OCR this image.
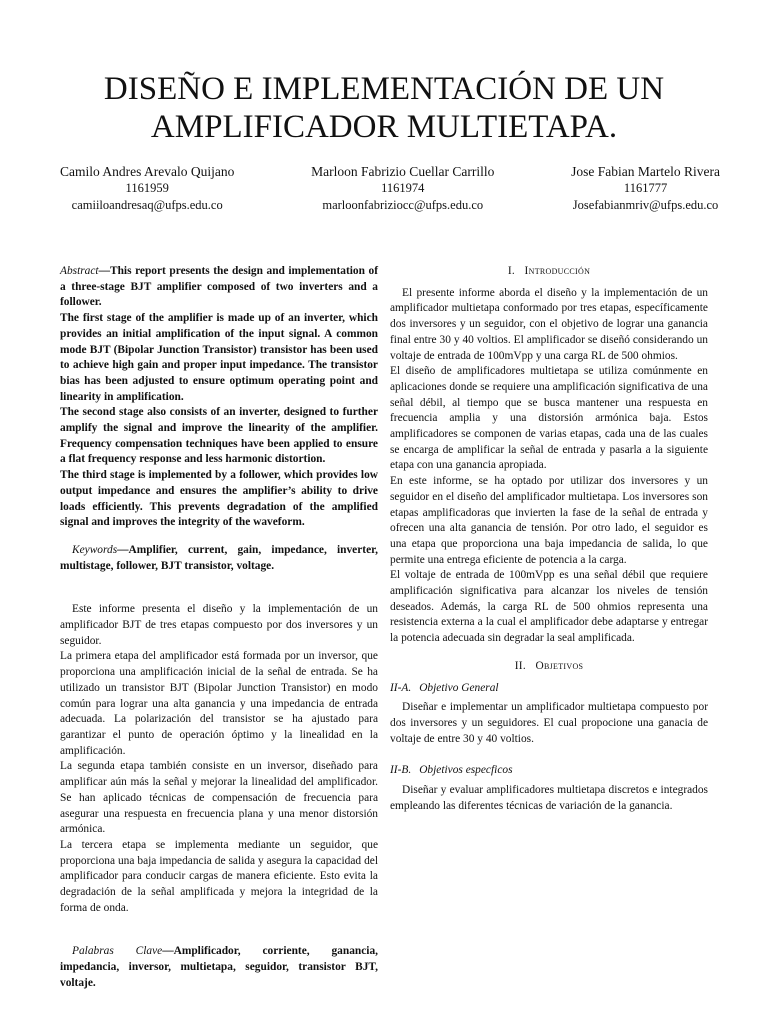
DISEÑO E IMPLEMENTACIÓN DE UN AMPLIFICADOR MULTIETAPA.
Camilo Andres Arevalo Quijano
1161959
camiiloandresaq@ufps.edu.co
Marloon Fabrizio Cuellar Carrillo
1161974
marloonfabriziocc@ufps.edu.co
Jose Fabian Martelo Rivera
1161777
Josefabianmriv@ufps.edu.co

Abstract—This report presents the design and implementation of a three-stage BJT amplifier composed of two inverters and a follower.

The first stage of the amplifier is made up of an inverter, which provides an initial amplification of the input signal. A common mode BJT (Bipolar Junction Transistor) transistor has been used to achieve high gain and proper input impedance. The transistor bias has been adjusted to ensure optimum operating point and linearity in amplification.

The second stage also consists of an inverter, designed to further amplify the signal and improve the linearity of the amplifier. Frequency compensation techniques have been applied to ensure a flat frequency response and less harmonic distortion.

The third stage is implemented by a follower, which provides low output impedance and ensures the amplifier’s ability to drive loads efficiently. This prevents degradation of the amplified signal and improves the integrity of the waveform.

Keywords—Amplifier, current, gain, impedance, inverter, multistage, follower, BJT transistor, voltage.

Este informe presenta el diseño y la implementación de un amplificador BJT de tres etapas compuesto por dos inversores y un seguidor.

La primera etapa del amplificador está formada por un inversor, que proporciona una amplificación inicial de la señal de entrada. Se ha utilizado un transistor BJT (Bipolar Junction Transistor) en modo común para lograr una alta ganancia y una impedancia de entrada adecuada. La polarización del transistor se ha ajustado para garantizar el punto de operación óptimo y la linealidad en la amplificación.

La segunda etapa también consiste en un inversor, diseñado para amplificar aún más la señal y mejorar la linealidad del amplificador. Se han aplicado técnicas de compensación de frecuencia para asegurar una respuesta en frecuencia plana y una menor distorsión armónica.

La tercera etapa se implementa mediante un seguidor, que proporciona una baja impedancia de salida y asegura la capacidad del amplificador para conducir cargas de manera eficiente. Esto evita la degradación de la señal amplificada y mejora la integridad de la forma de onda.

Palabras Clave—Amplificador, corriente, ganancia, impedancia, inversor, multietapa, seguidor, transistor BJT, voltaje.

I. Introducción

El presente informe aborda el diseño y la implementación de un amplificador multietapa conformado por tres etapas, específicamente dos inversores y un seguidor, con el objetivo de lograr una ganancia final entre 30 y 40 voltios. El amplificador se diseñó considerando un voltaje de entrada de 100mVpp y una carga RL de 500 ohmios.

El diseño de amplificadores multietapa se utiliza comúnmente en aplicaciones donde se requiere una amplificación significativa de una señal débil, al tiempo que se busca mantener una respuesta en frecuencia amplia y una distorsión armónica baja. Estos amplificadores se componen de varias etapas, cada una de las cuales se encarga de amplificar la señal de entrada y pasarla a la siguiente etapa con una ganancia apropiada.

En este informe, se ha optado por utilizar dos inversores y un seguidor en el diseño del amplificador multietapa. Los inversores son etapas amplificadoras que invierten la fase de la señal de entrada y ofrecen una alta ganancia de tensión. Por otro lado, el seguidor es una etapa que proporciona una baja impedancia de salida, lo que permite una entrega eficiente de potencia a la carga.

El voltaje de entrada de 100mVpp es una señal débil que requiere amplificación significativa para alcanzar los niveles de tensión deseados. Además, la carga RL de 500 ohmios representa una resistencia externa a la cual el amplificador debe adaptarse y entregar la potencia adecuada sin degradar la seal amplificada.

II. Objetivos
II-A. Objetivo General

Diseñar e implementar un amplificador multietapa compuesto por dos inversores y un seguidores. El cual propocione una ganacia de voltaje de entre 30 y 40 voltios.

II-B. Objetivos especficos

Diseñar y evaluar amplificadores multietapa discretos e integrados empleando las diferentes técnicas de variación de la ganancia.
